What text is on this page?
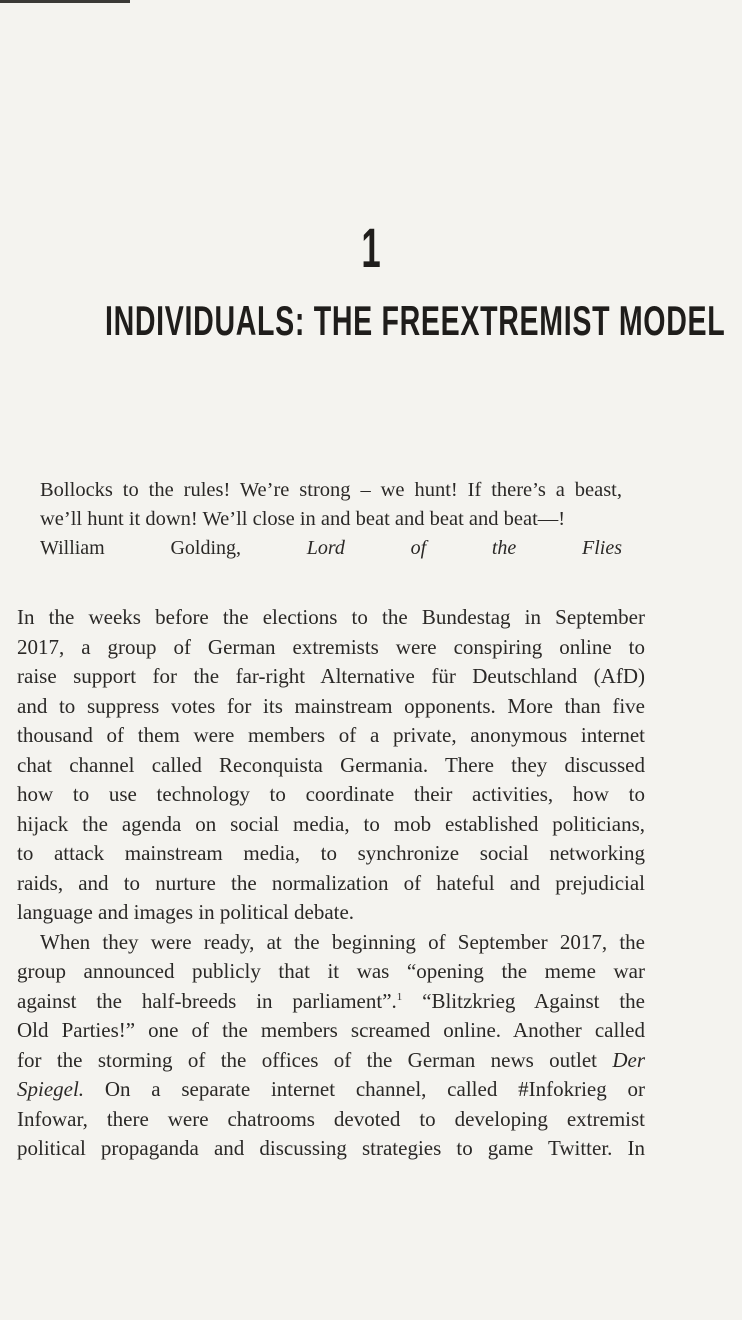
1
INDIVIDUALS: THE FREEXTREMIST MODEL

Bollocks to the rules! We’re strong – we hunt! If there’s a beast,

we’ll hunt it down! We’ll close in and beat and beat and beat—!

William Golding, Lord of the Flies

In the weeks before the elections to the Bundestag in September
2017, a group of German extremists were conspiring online to
raise support for the far-right Alternative für Deutschland (AfD)
and to suppress votes for its mainstream opponents. More than five
thousand of them were members of a private, anonymous internet
chat channel called Reconquista Germania. There they discussed
how to use technology to coordinate their activities, how to
hijack the agenda on social media, to mob established politicians,
to attack mainstream media, to synchronize social networking
raids, and to nurture the normalization of hateful and prejudicial
language and images in political debate.
When they were ready, at the beginning of September 2017, the
group announced publicly that it was “opening the meme war
against the half-breeds in parliament”.$^1$ “Blitzkrieg Against the
Old Parties!” one of the members screamed online. Another called
for the storming of the offices of the German news outlet Der
Spiegel. On a separate internet channel, called #Infokrieg or
Infowar, there were chatrooms devoted to developing extremist
political propaganda and discussing strategies to game Twitter. In
